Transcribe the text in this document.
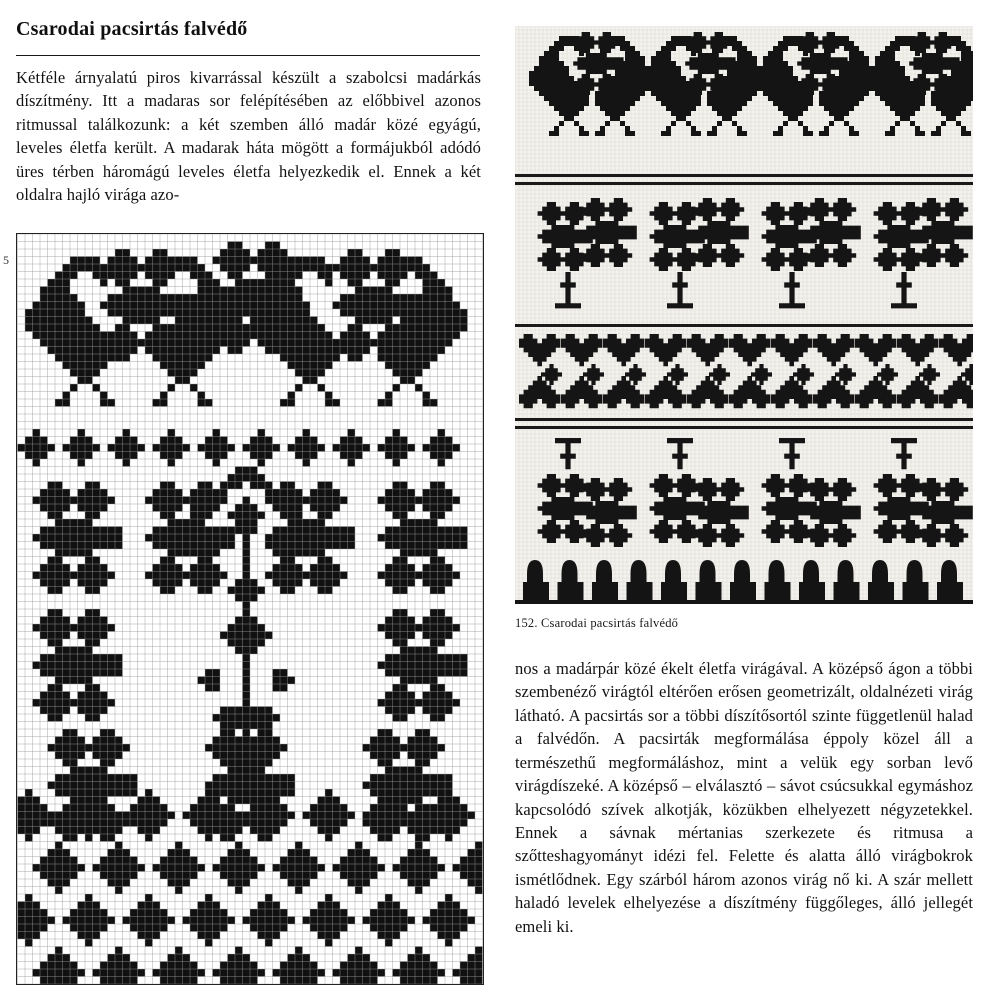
Csarodai pacsirtás falvédő

Kétféle árnyalatú piros kivarrással készült a szabolcsi madárkás díszítmény. Itt a madaras sor felépítésében az előbbivel azonos ritmussal találkozunk: a két szemben álló madár közé egyágú, leveles életfa került. A madarak háta mögött a formájukból adódó üres térben háromágú leveles életfa helyezkedik el. Ennek a két oldalra hajló virága azo-

5
152. Csarodai pacsirtás falvédő

nos a madárpár közé ékelt életfa virágával. A középső ágon a többi szembenéző virágtól eltérően erősen geometrizált, oldalnézeti virág látható. A pacsirtás sor a többi díszítősortól szinte függetlenül halad a falvédőn. A pacsirták megformálása éppoly közel áll a természethű megformáláshoz, mint a velük egy sorban levő virágdíszeké. A középső – elválasztó – sávot csúcsukkal egymáshoz kapcsolódó szívek alkotják, közükben elhelyezett négyzetekkel. Ennek a sávnak mértanias szerkezete és ritmusa a szőtteshagyományt idézi fel. Felette és alatta álló virágbokrok ismétlődnek. Egy szárból három azonos virág nő ki. A szár mellett haladó levelek elhelyezése a díszítmény függőleges, álló jellegét emeli ki.
